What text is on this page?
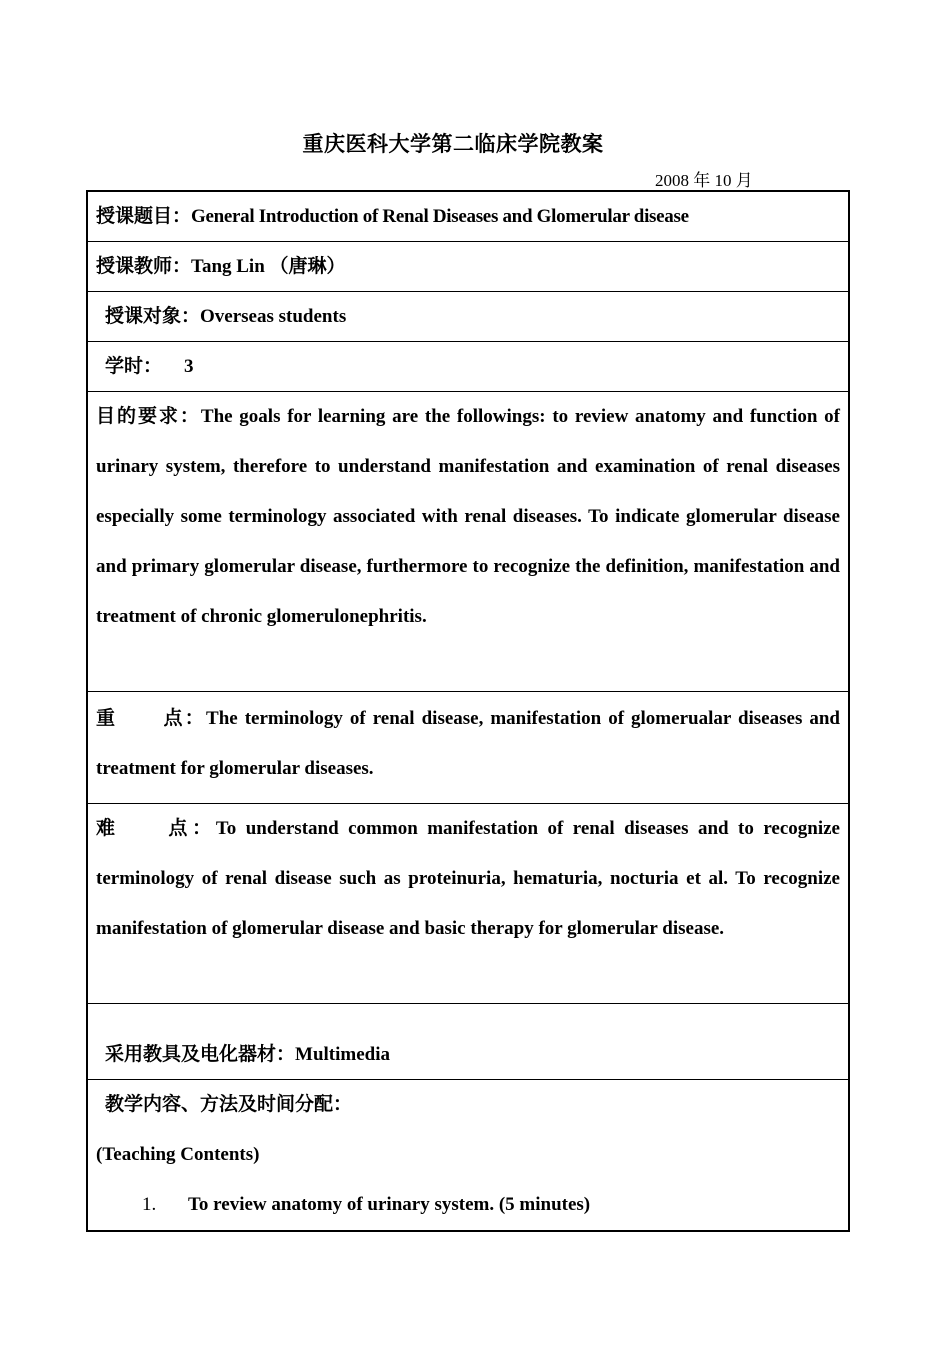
重庆医科大学第二临床学院教案
2008 年 10 月
授课题目：General Introduction of Renal Diseases and Glomerular disease
授课教师：Tang Lin （唐琳）
授课对象：Overseas students
学时： 3
目的要求：The goals for learning are the followings: to review anatomy and function of urinary system, therefore to understand manifestation and examination of renal diseases especially some terminology associated with renal diseases. To indicate glomerular disease and primary glomerular disease, furthermore to recognize the definition, manifestation and treatment of chronic glomerulonephritis.
重 点：The terminology of renal disease, manifestation of glomerualar diseases and treatment for glomerular diseases.
难 点：To understand common manifestation of renal diseases and to recognize terminology of renal disease such as proteinuria, hematuria, nocturia et al. To recognize manifestation of glomerular disease and basic therapy for glomerular disease.
采用教具及电化器材：Multimedia
教学内容、方法及时间分配：
(Teaching Contents)
1. To review anatomy of urinary system. (5 minutes)
